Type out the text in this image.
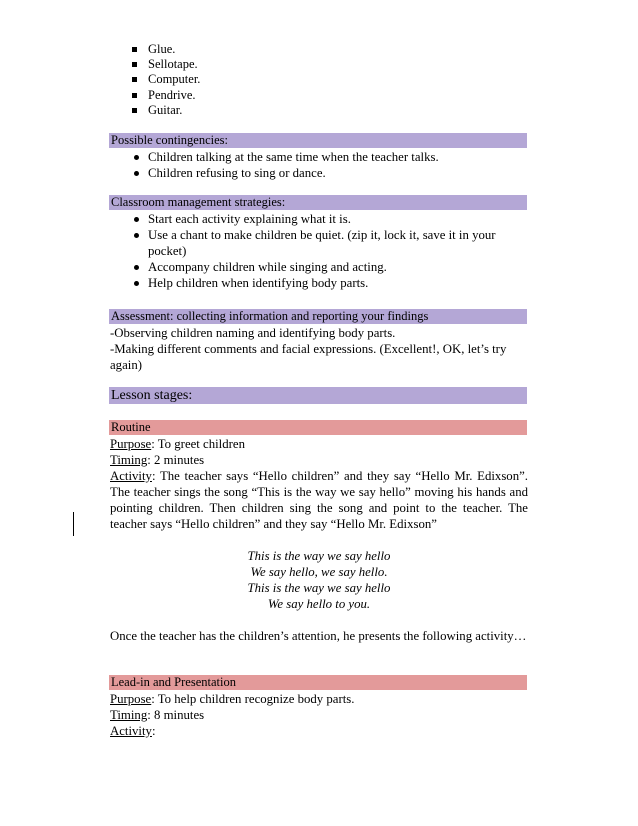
Glue.
Sellotape.
Computer.
Pendrive.
Guitar.
Possible contingencies:
Children talking at the same time when the teacher talks.
Children refusing to sing or dance.
Classroom management strategies:
Start each activity explaining what it is.
Use a chant to make children be quiet. (zip it, lock it, save it in your pocket)
Accompany children while singing and acting.
Help children when identifying body parts.
Assessment: collecting information and reporting your findings
-Observing children naming and identifying body parts.
-Making different comments and facial expressions. (Excellent!, OK, let’s try again)
Lesson stages:
Routine
Purpose: To greet children
Timing: 2 minutes
Activity: The teacher says “Hello children” and they say “Hello Mr. Edixson”. The teacher sings the song “This is the way we say hello” moving his hands and pointing children. Then children sing the song and point to the teacher. The teacher says “Hello children” and they say “Hello Mr. Edixson”
This is the way we say hello
We say hello, we say hello.
This is the way we say hello
We say hello to you.
Once the teacher has the children’s attention, he presents the following activity…
Lead-in and Presentation
Purpose: To help children recognize body parts.
Timing: 8 minutes
Activity:
